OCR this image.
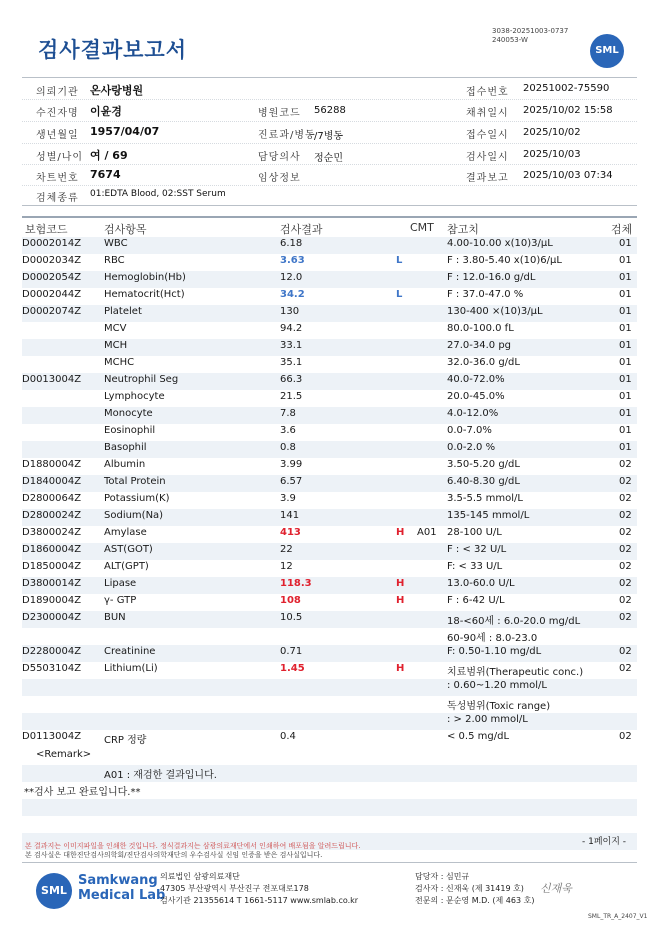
검사결과보고서
3038-20251003-0737
240053-W
SML
의뢰기관 온사랑병원	접수번호 20251002-75590
수진자명 이윤경	병원코드 56288	채취일시 2025/10/02 15:58
생년월일 1957/04/07	진료과/병동
/7병동	접수일시 2025/10/02
성별/나이 여 / 69	담당의사 정순민	검사일시 2025/10/03
차트번호 7674	임상정보	결과보고 2025/10/03 07:34
검체종류 01:EDTA Blood, 02:SST Serum
보험코드	검사항목	검사결과	CMT 참고치	검체
D0002014Z WBC	6.18	4.00-10.00 x(10)3/μL	01
D0002034Z RBC	3.63	L	F : 3.80-5.40 x(10)6/μL	01
D0002054Z Hemoglobin(Hb)	12.0	F : 12.0-16.0 g/dL	01
D0002044Z Hematocrit(Hct)	34.2	L	F : 37.0-47.0 %	01
D0002074Z Platelet	130	130-400 ×(10)3/μL	01
MCV	94.2	80.0-100.0 fL	01
MCH	33.1	27.0-34.0 pg	01
MCHC	35.1	32.0-36.0 g/dL	01
D0013004Z Neutrophil Seg	66.3	40.0-72.0%	01
Lymphocyte	21.5	20.0-45.0%	01
Monocyte	7.8	4.0-12.0%	01
Eosinophil	3.6	0.0-7.0%	01
Basophil	0.8	0.0-2.0 %	01
D1880004Z Albumin	3.99	3.50-5.20 g/dL	02
D1840004Z Total Protein	6.57	6.40-8.30 g/dL	02
D2800064Z Potassium(K)	3.9	3.5-5.5 mmol/L	02
D2800024Z Sodium(Na)	141	135-145 mmol/L	02
D3800024Z Amylase	413	H A01 28-100 U/L	02
D1860004Z AST(GOT)	22	F : < 32 U/L	02
D1850004Z ALT(GPT)	12	F: < 33 U/L	02
D3800014Z Lipase	118.3	H	13.0-60.0 U/L	02
D1890004Z γ- GTP	108	H	F : 6-42 U/L	02
D2300004Z BUN	10.5	18-<60세 : 6.0-20.0 mg/dL	02
60-90세 : 8.0-23.0
D2280004Z Creatinine	0.71	F: 0.50-1.10 mg/dL	02
D5503104Z Lithium(Li)	1.45	H	치료범위(Therapeutic conc.)	02
: 0.60~1.20 mmol/L
독성범위(Toxic range)
: > 2.00 mmol/L
D0113004Z CRP 정량	0.4	< 0.5 mg/dL	02
<Remark>
A01 : 재검한 결과입니다.
**검사 보고 완료입니다.**
본 결과지는 이미지파일을 인쇄한 것입니다. 정식결과지는 삼광의료재단에서 인쇄하여 배포됨을 알려드립니다.	- 1페이지 -
본 검사실은 대한진단검사의학회/진단검사의학재단의 우수검사실 신임 인증을 받은 검사실입니다.
SML
Samkwang
Medical Lab
의료법인 삼광의료재단
47305 부산광역시 부산진구 전포대로178
검사기관 21355614 T 1661-5117 www.smlab.co.kr
담당자 : 심민규
검사자 : 신재욱 (제 31419 호)
전문의 : 문순영 M.D. (제 463 호)
신재욱
SML_TR_A_2407_V1
